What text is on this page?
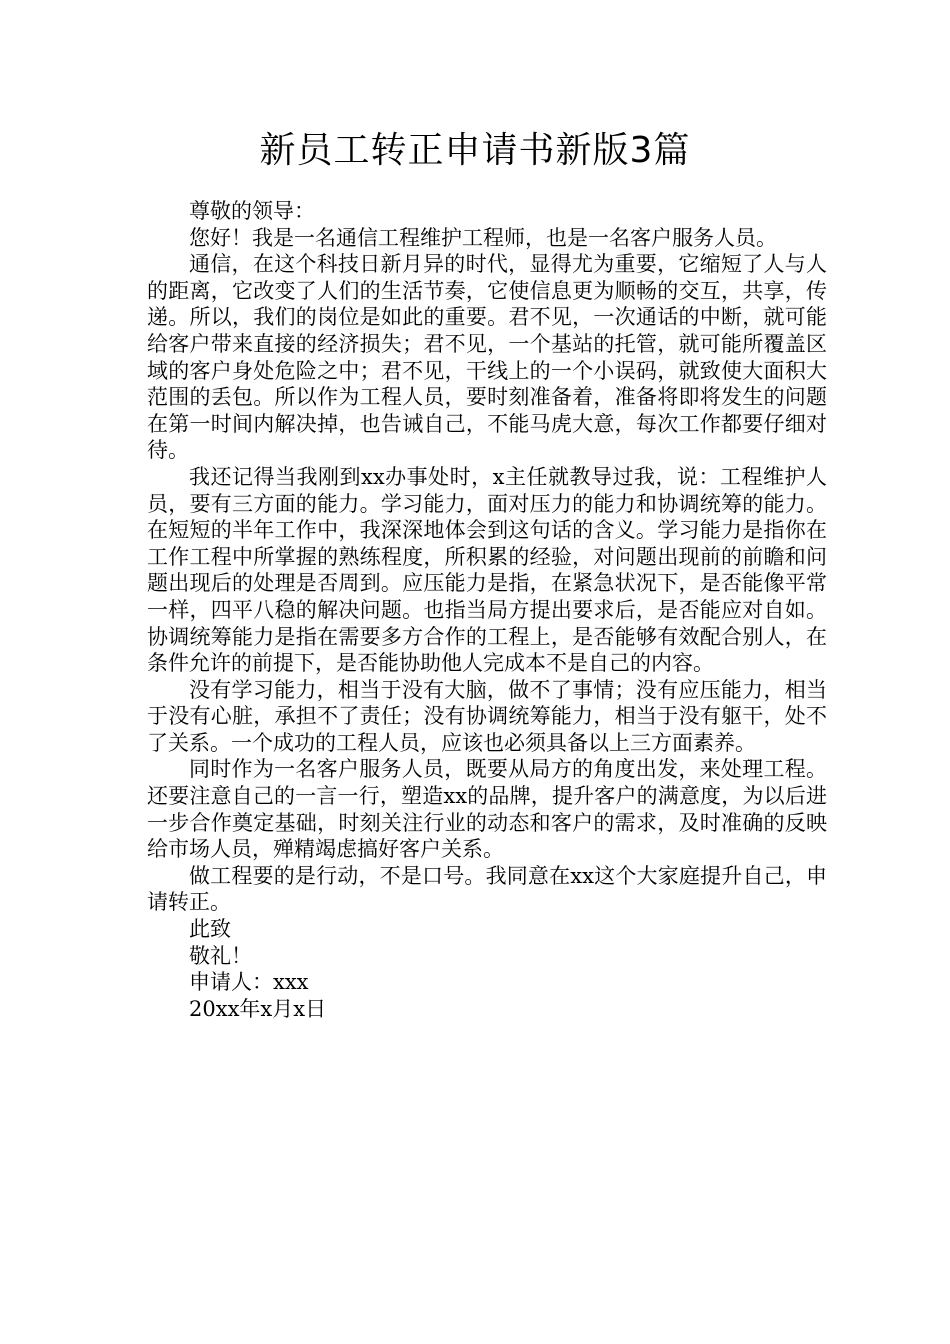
新员工转正申请书新版3篇

尊敬的领导：

您好！我是一名通信工程维护工程师，也是一名客户服务人员。

通信，在这个科技日新月异的时代，显得尤为重要，它缩短了人与人的距离，它改变了人们的生活节奏，它使信息更为顺畅的交互，共享，传递。所以，我们的岗位是如此的重要。君不见，一次通话的中断，就可能给客户带来直接的经济损失；君不见，一个基站的托管，就可能所覆盖区域的客户身处危险之中；君不见，干线上的一个小误码，就致使大面积大范围的丢包。所以作为工程人员，要时刻准备着，准备将即将发生的问题在第一时间内解决掉，也告诫自己，不能马虎大意，每次工作都要仔细对待。

我还记得当我刚到xx办事处时，x主任就教导过我，说：工程维护人员，要有三方面的能力。学习能力，面对压力的能力和协调统筹的能力。在短短的半年工作中，我深深地体会到这句话的含义。学习能力是指你在工作工程中所掌握的熟练程度，所积累的经验，对问题出现前的前瞻和问题出现后的处理是否周到。应压能力是指，在紧急状况下，是否能像平常一样，四平八稳的解决问题。也指当局方提出要求后，是否能应对自如。协调统筹能力是指在需要多方合作的工程上，是否能够有效配合别人，在条件允许的前提下，是否能协助他人完成本不是自己的内容。

没有学习能力，相当于没有大脑，做不了事情；没有应压能力，相当于没有心脏，承担不了责任；没有协调统筹能力，相当于没有躯干，处不了关系。一个成功的工程人员，应该也必须具备以上三方面素养。

同时作为一名客户服务人员，既要从局方的角度出发，来处理工程。还要注意自己的一言一行，塑造xx的品牌，提升客户的满意度，为以后进一步合作奠定基础，时刻关注行业的动态和客户的需求，及时准确的反映给市场人员，殚精竭虑搞好客户关系。

做工程要的是行动，不是口号。我同意在xx这个大家庭提升自己，申请转正。

此致

敬礼！

申请人：xxx

20xx年x月x日
